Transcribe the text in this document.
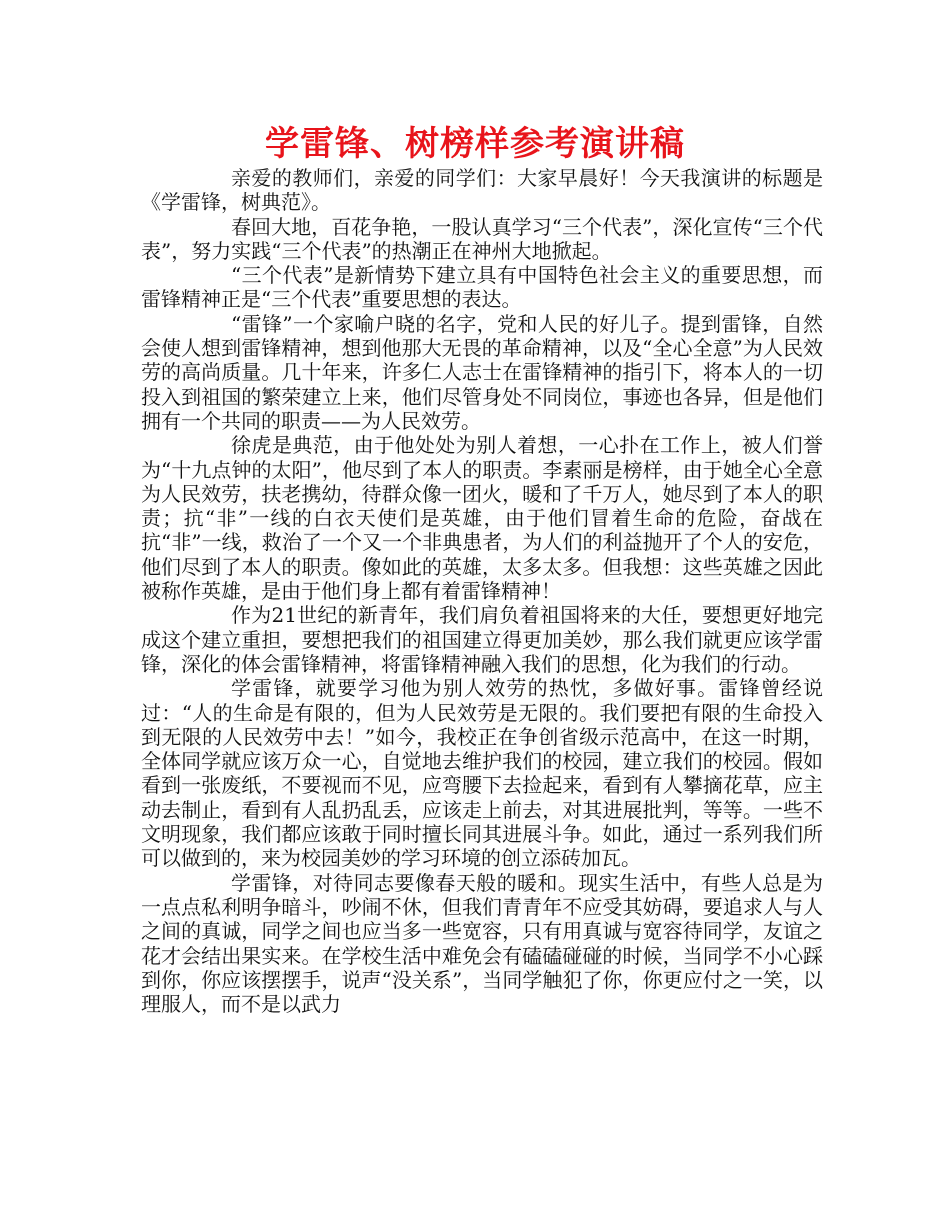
学雷锋、树榜样参考演讲稿

亲爱的教师们，亲爱的同学们：大家早晨好！今天我演讲的标题是《学雷锋，树典范》。

春回大地，百花争艳，一股认真学习“三个代表”，深化宣传“三个代表”，努力实践“三个代表”的热潮正在神州大地掀起。

“三个代表”是新情势下建立具有中国特色社会主义的重要思想，而雷锋精神正是“三个代表”重要思想的表达。

“雷锋”一个家喻户晓的名字，党和人民的好儿子。提到雷锋，自然会使人想到雷锋精神，想到他那大无畏的革命精神，以及“全心全意”为人民效劳的高尚质量。几十年来，许多仁人志士在雷锋精神的指引下，将本人的一切投入到祖国的繁荣建立上来，他们尽管身处不同岗位，事迹也各异，但是他们拥有一个共同的职责——为人民效劳。

徐虎是典范，由于他处处为别人着想，一心扑在工作上，被人们誉为“十九点钟的太阳”，他尽到了本人的职责。李素丽是榜样，由于她全心全意为人民效劳，扶老携幼，待群众像一团火，暖和了千万人，她尽到了本人的职责；抗“非”一线的白衣天使们是英雄，由于他们冒着生命的危险，奋战在抗“非”一线，救治了一个又一个非典患者，为人们的利益抛开了个人的安危，他们尽到了本人的职责。像如此的英雄，太多太多。但我想：这些英雄之因此被称作英雄，是由于他们身上都有着雷锋精神！

作为21世纪的新青年，我们肩负着祖国将来的大任，要想更好地完成这个建立重担，要想把我们的祖国建立得更加美妙，那么我们就更应该学雷锋，深化的体会雷锋精神，将雷锋精神融入我们的思想，化为我们的行动。

学雷锋，就要学习他为别人效劳的热忱，多做好事。雷锋曾经说过：“人的生命是有限的，但为人民效劳是无限的。我们要把有限的生命投入到无限的人民效劳中去！”如今，我校正在争创省级示范高中，在这一时期，全体同学就应该万众一心，自觉地去维护我们的校园，建立我们的校园。假如看到一张废纸，不要视而不见，应弯腰下去捡起来，看到有人攀摘花草，应主动去制止，看到有人乱扔乱丢，应该走上前去，对其进展批判，等等。一些不文明现象，我们都应该敢于同时擅长同其进展斗争。如此，通过一系列我们所可以做到的，来为校园美妙的学习环境的创立添砖加瓦。

学雷锋，对待同志要像春天般的暖和。现实生活中，有些人总是为一点点私利明争暗斗，吵闹不休，但我们青青年不应受其妨碍，要追求人与人之间的真诚，同学之间也应当多一些宽容，只有用真诚与宽容待同学，友谊之花才会结出果实来。在学校生活中难免会有磕磕碰碰的时候，当同学不小心踩到你，你应该摆摆手，说声“没关系”，当同学触犯了你，你更应付之一笑，以理服人，而不是以武力
